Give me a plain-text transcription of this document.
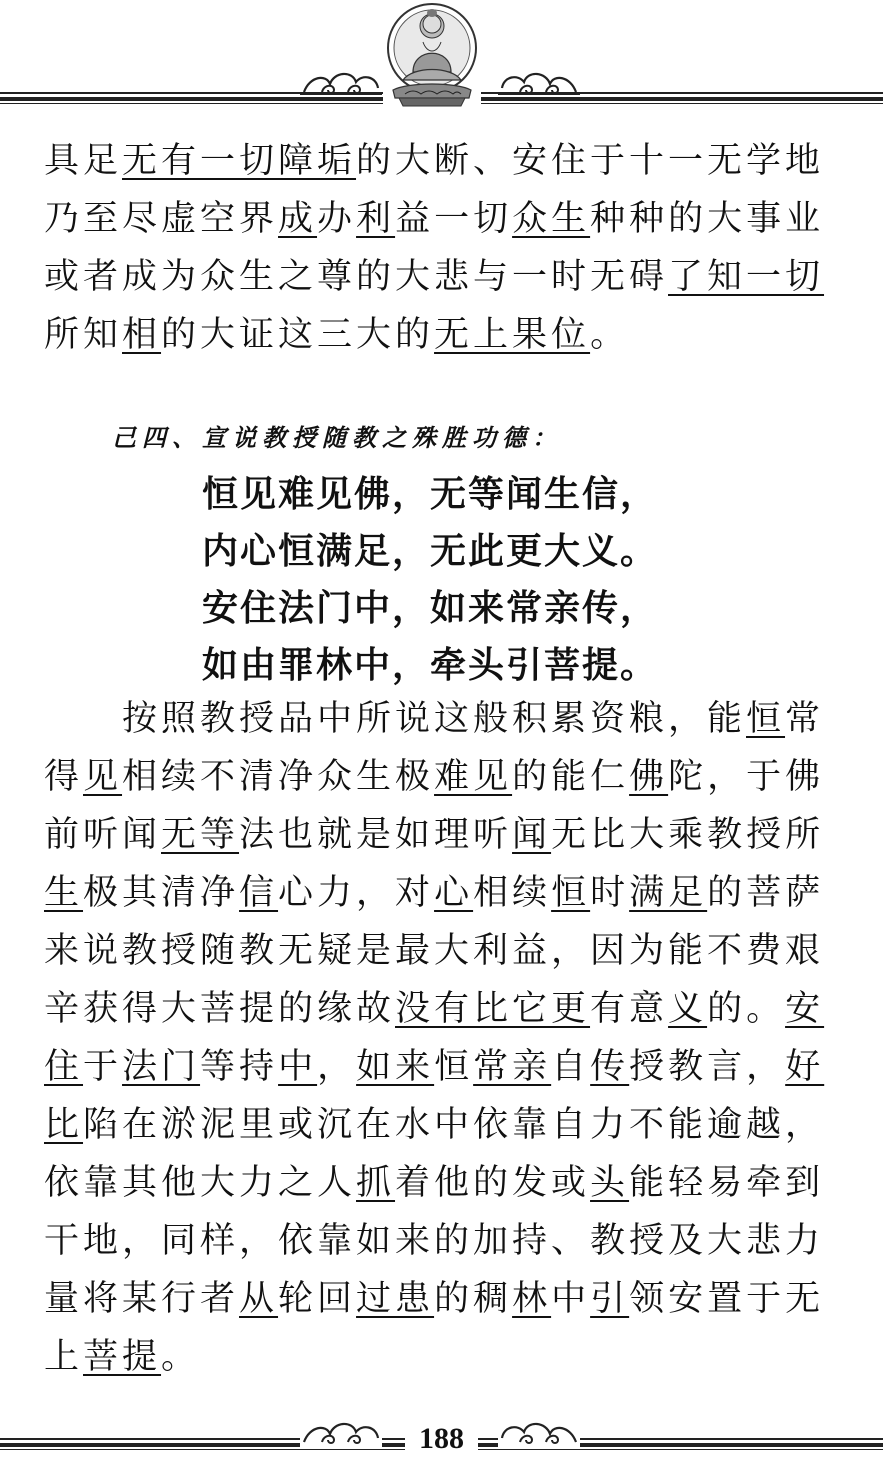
具足无有一切障垢的大断、安住于十一无学地乃至尽虚空界成办利益一切众生种种的大事业或者成为众生之尊的大悲与一时无碍了知一切所知相的大证这三大的无上果位。
己四、宣说教授随教之殊胜功德：
恒见难见佛，无等闻生信，
内心恒满足，无此更大义。
安住法门中，如来常亲传，
如由罪林中，牵头引菩提。
按照教授品中所说这般积累资粮，能恒常得见相续不清净众生极难见的能仁佛陀，于佛前听闻无等法也就是如理听闻无比大乘教授所生极其清净信心力，对心相续恒时满足的菩萨来说教授随教无疑是最大利益，因为能不费艰辛获得大菩提的缘故没有比它更有意义的。安住于法门等持中，如来恒常亲自传授教言，好比陷在淤泥里或沉在水中依靠自力不能逾越，依靠其他大力之人抓着他的发或头能轻易牵到干地，同样，依靠如来的加持、教授及大悲力量将某行者从轮回过患的稠林中引领安置于无上菩提。
188
